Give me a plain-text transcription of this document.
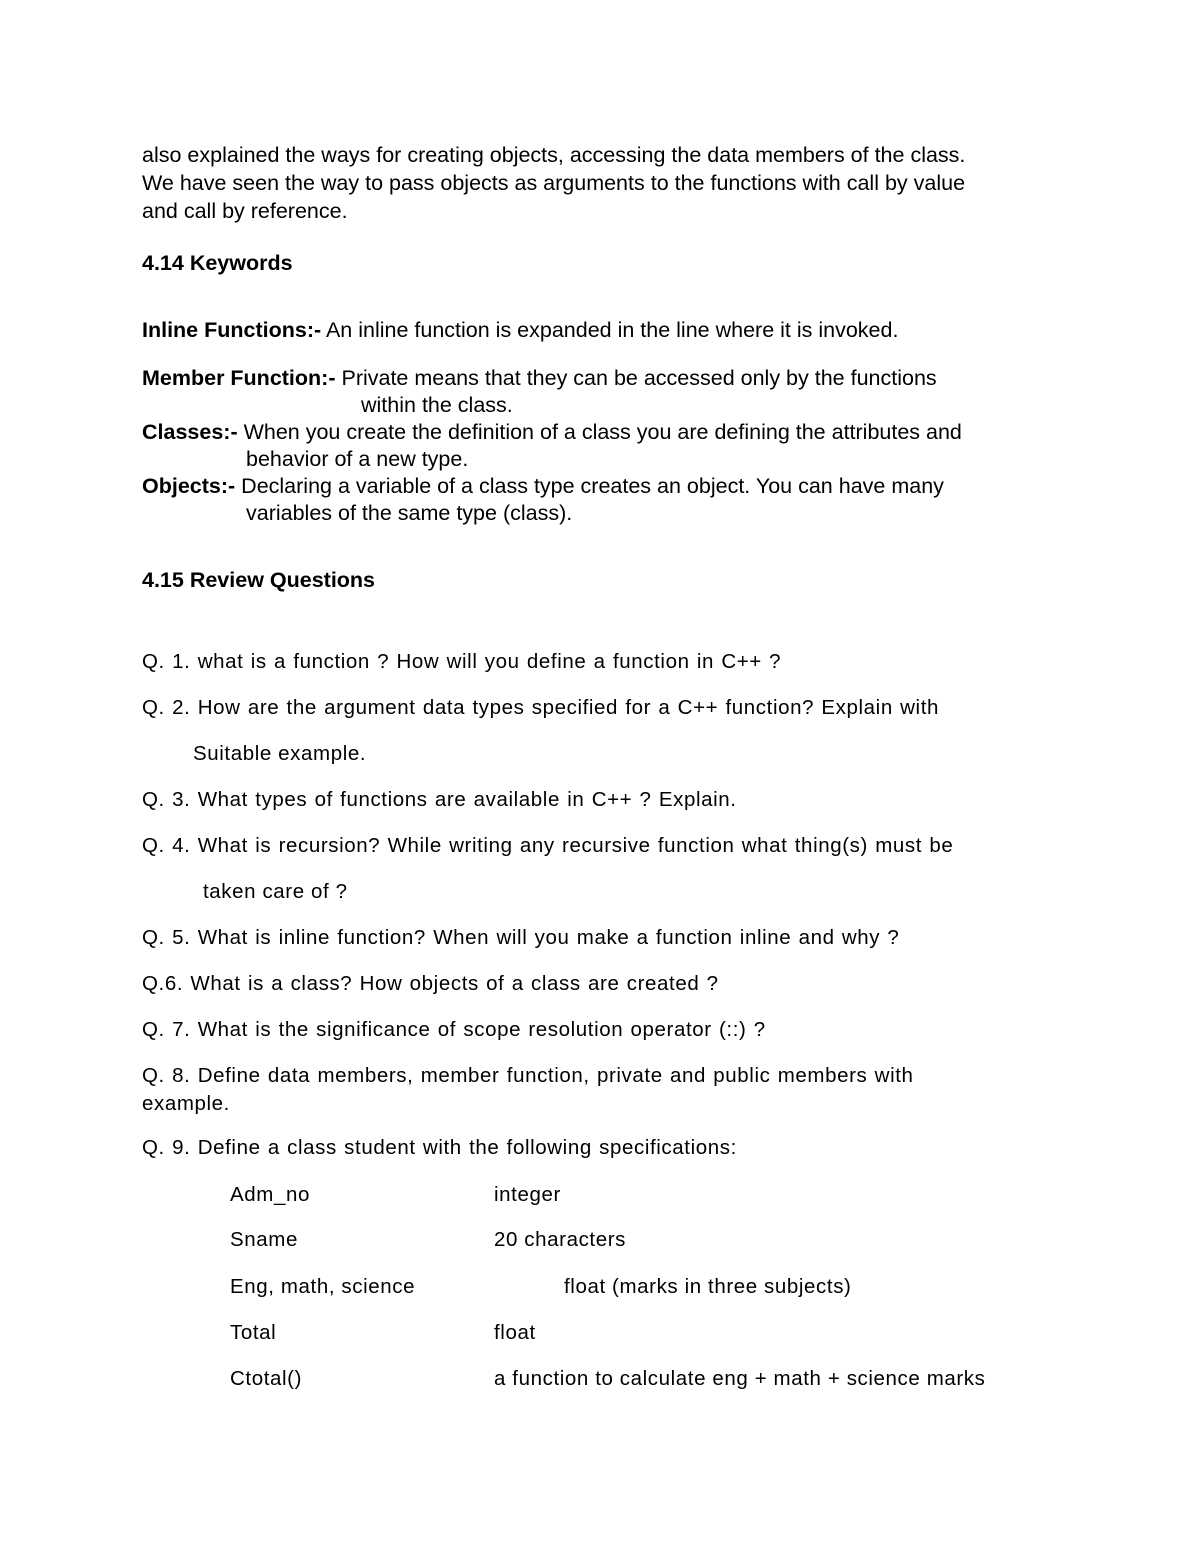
also explained the ways for creating objects, accessing the data members of the class.
We have seen the way to pass objects as arguments to the functions with call by value
and call by reference.
4.14 Keywords
Inline Functions:- An inline function is expanded in the line where it is invoked.
Member Function:- Private means that they can be accessed only by the functions
within the class.
Classes:- When you create the definition of a class you are defining the attributes and
behavior of a new type.
Objects:- Declaring a variable of a class type creates an object. You can have many
variables of the same type (class).
4.15 Review Questions
Q. 1. what is a function ? How will you define a function in C++ ?
Q. 2. How are the argument data types specified for a C++ function? Explain with
Suitable example.
Q. 3. What types of functions are available in C++ ? Explain.
Q. 4. What is recursion? While writing any recursive function what thing(s) must be
taken care of ?
Q. 5. What is inline function? When will you make a function inline and why ?
Q.6. What is a class? How objects of a class are created ?
Q. 7. What is the significance of scope resolution operator (::) ?
Q. 8. Define data members, member function, private and public members with
example.
Q. 9. Define a class student with the following specifications:
Adm_no	integer
Sname	20 characters
Eng, math, science	float (marks in three subjects)
Total	float
Ctotal()	a function to calculate eng + math + science marks
